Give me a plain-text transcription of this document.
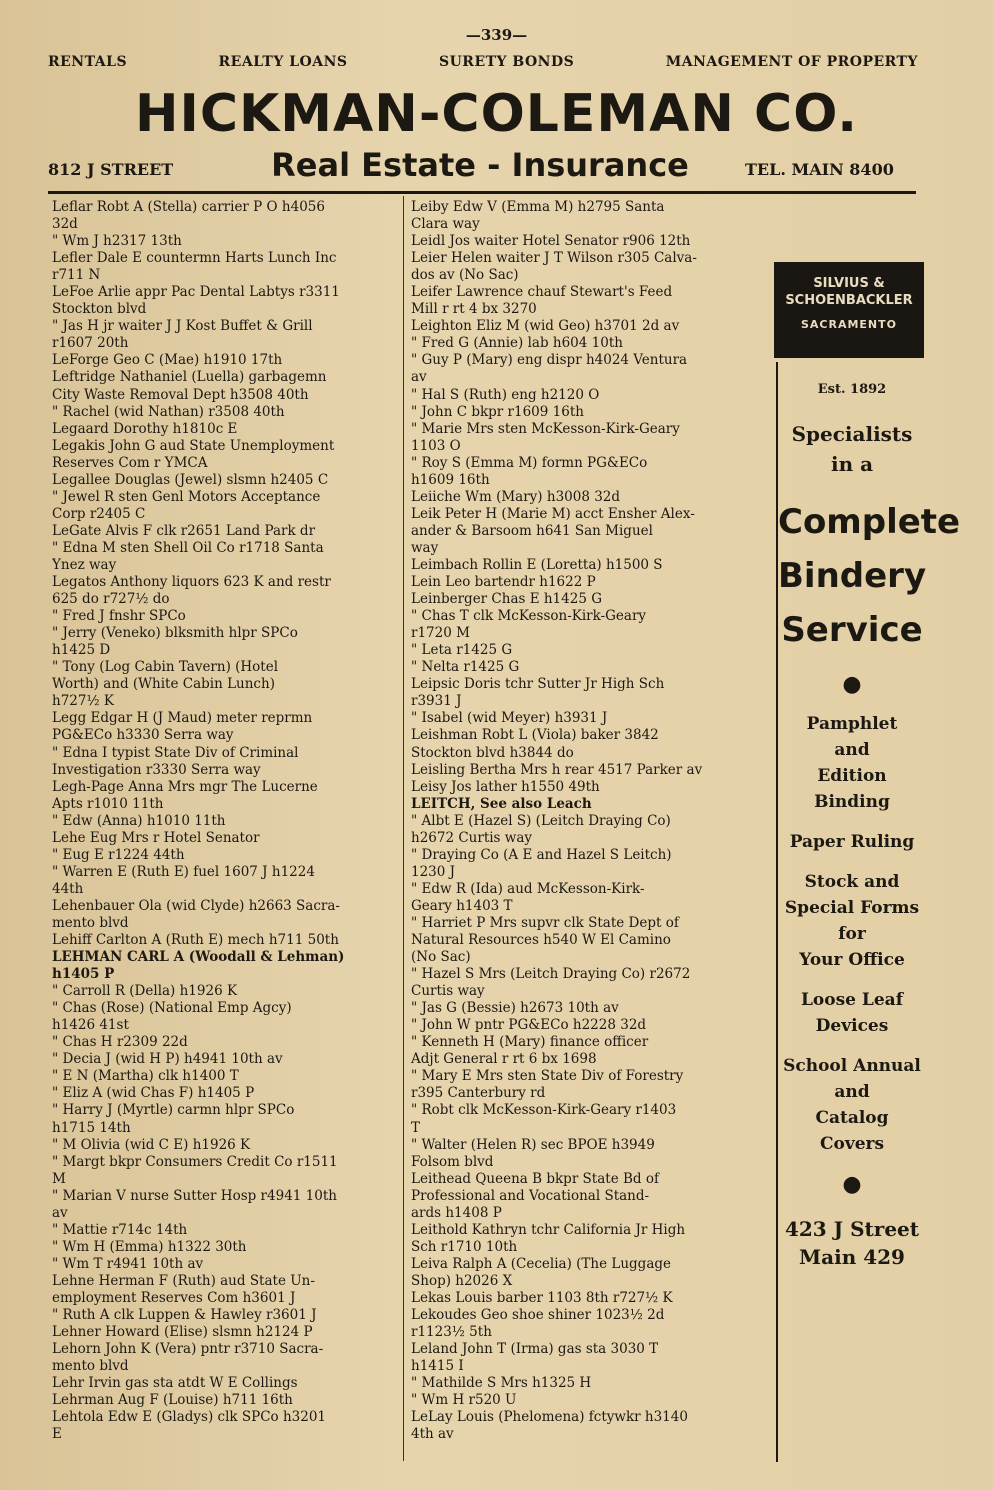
—339—
RENTALS	REALTY LOANS	SURETY BONDS	MANAGEMENT OF PROPERTY
HICKMAN-COLEMAN CO.
812 J STREET	Real Estate - Insurance	TEL. MAIN 8400
Leflar Robt A (Stella) carrier P O h4056
32d
" Wm J h2317 13th
Lefler Dale E countermn Harts Lunch Inc
r711 N
LeFoe Arlie appr Pac Dental Labtys r3311
Stockton blvd
" Jas H jr waiter J J Kost Buffet & Grill
r1607 20th
LeForge Geo C (Mae) h1910 17th
Leftridge Nathaniel (Luella) garbagemn
City Waste Removal Dept h3508 40th
" Rachel (wid Nathan) r3508 40th
Legaard Dorothy h1810c E
Legakis John G aud State Unemployment
Reserves Com r YMCA
Legallee Douglas (Jewel) slsmn h2405 C
" Jewel R sten Genl Motors Acceptance
Corp r2405 C
LeGate Alvis F clk r2651 Land Park dr
" Edna M sten Shell Oil Co r1718 Santa
Ynez way
Legatos Anthony liquors 623 K and restr
625 do r727½ do
" Fred J fnshr SPCo
" Jerry (Veneko) blksmith hlpr SPCo
h1425 D
" Tony (Log Cabin Tavern) (Hotel
Worth) and (White Cabin Lunch)
h727½ K
Legg Edgar H (J Maud) meter reprmn
PG&ECo h3330 Serra way
" Edna I typist State Div of Criminal
Investigation r3330 Serra way
Legh-Page Anna Mrs mgr The Lucerne
Apts r1010 11th
" Edw (Anna) h1010 11th
Lehe Eug Mrs r Hotel Senator
" Eug E r1224 44th
" Warren E (Ruth E) fuel 1607 J h1224
44th
Lehenbauer Ola (wid Clyde) h2663 Sacra-
mento blvd
Lehiff Carlton A (Ruth E) mech h711 50th
LEHMAN CARL A (Woodall & Lehman)
h1405 P
" Carroll R (Della) h1926 K
" Chas (Rose) (National Emp Agcy)
h1426 41st
" Chas H r2309 22d
" Decia J (wid H P) h4941 10th av
" E N (Martha) clk h1400 T
" Eliz A (wid Chas F) h1405 P
" Harry J (Myrtle) carmn hlpr SPCo
h1715 14th
" M Olivia (wid C E) h1926 K
" Margt bkpr Consumers Credit Co r1511
M
" Marian V nurse Sutter Hosp r4941 10th
av
" Mattie r714c 14th
" Wm H (Emma) h1322 30th
" Wm T r4941 10th av
Lehne Herman F (Ruth) aud State Un-
employment Reserves Com h3601 J
" Ruth A clk Luppen & Hawley r3601 J
Lehner Howard (Elise) slsmn h2124 P
Lehorn John K (Vera) pntr r3710 Sacra-
mento blvd
Lehr Irvin gas sta atdt W E Collings
Lehrman Aug F (Louise) h711 16th
Lehtola Edw E (Gladys) clk SPCo h3201
E
Leiby Edw V (Emma M) h2795 Santa
Clara way
Leidl Jos waiter Hotel Senator r906 12th
Leier Helen waiter J T Wilson r305 Calva-
dos av (No Sac)
Leifer Lawrence chauf Stewart's Feed
Mill r rt 4 bx 3270
Leighton Eliz M (wid Geo) h3701 2d av
" Fred G (Annie) lab h604 10th
" Guy P (Mary) eng dispr h4024 Ventura
av
" Hal S (Ruth) eng h2120 O
" John C bkpr r1609 16th
" Marie Mrs sten McKesson-Kirk-Geary
1103 O
" Roy S (Emma M) formn PG&ECo
h1609 16th
Leiiche Wm (Mary) h3008 32d
Leik Peter H (Marie M) acct Ensher Alex-
ander & Barsoom h641 San Miguel
way
Leimbach Rollin E (Loretta) h1500 S
Lein Leo bartendr h1622 P
Leinberger Chas E h1425 G
" Chas T clk McKesson-Kirk-Geary
r1720 M
" Leta r1425 G
" Nelta r1425 G
Leipsic Doris tchr Sutter Jr High Sch
r3931 J
" Isabel (wid Meyer) h3931 J
Leishman Robt L (Viola) baker 3842
Stockton blvd h3844 do
Leisling Bertha Mrs h rear 4517 Parker av
Leisy Jos lather h1550 49th
LEITCH, See also Leach
" Albt E (Hazel S) (Leitch Draying Co)
h2672 Curtis way
" Draying Co (A E and Hazel S Leitch)
1230 J
" Edw R (Ida) aud McKesson-Kirk-
Geary h1403 T
" Harriet P Mrs supvr clk State Dept of
Natural Resources h540 W El Camino
(No Sac)
" Hazel S Mrs (Leitch Draying Co) r2672
Curtis way
" Jas G (Bessie) h2673 10th av
" John W pntr PG&ECo h2228 32d
" Kenneth H (Mary) finance officer
Adjt General r rt 6 bx 1698
" Mary E Mrs sten State Div of Forestry
r395 Canterbury rd
" Robt clk McKesson-Kirk-Geary r1403
T
" Walter (Helen R) sec BPOE h3949
Folsom blvd
Leithead Queena B bkpr State Bd of
Professional and Vocational Stand-
ards h1408 P
Leithold Kathryn tchr California Jr High
Sch r1710 10th
Leiva Ralph A (Cecelia) (The Luggage
Shop) h2026 X
Lekas Louis barber 1103 8th r727½ K
Lekoudes Geo shoe shiner 1023½ 2d
r1123½ 5th
Leland John T (Irma) gas sta 3030 T
h1415 I
" Mathilde S Mrs h1325 H
" Wm H r520 U
LeLay Louis (Phelomena) fctywkr h3140
4th av
SILVIUS &
SCHOENBACKLER
SACRAMENTO
Est. 1892
Specialists
in a
Complete
Bindery
Service
●
Pamphlet
and
Edition
Binding
Paper Ruling
Stock and
Special Forms
for
Your Office
Loose Leaf
Devices
School Annual
and
Catalog
Covers
●
423 J Street
Main 429
